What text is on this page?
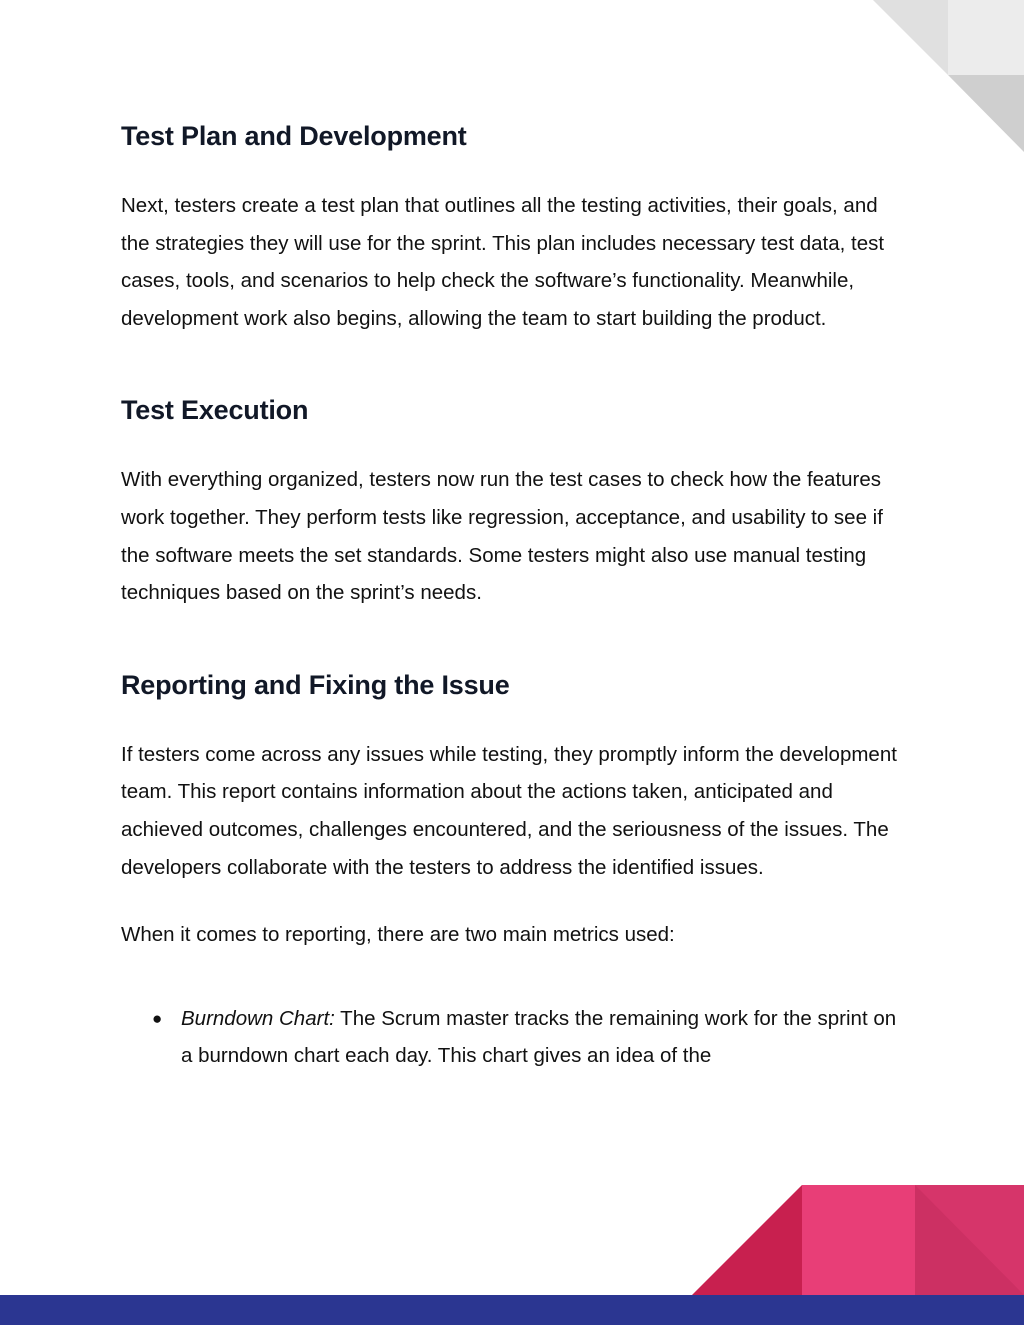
Test Plan and Development

Next, testers create a test plan that outlines all the testing activities, their goals, and the strategies they will use for the sprint. This plan includes necessary test data, test cases, tools, and scenarios to help check the software’s functionality. Meanwhile, development work also begins, allowing the team to start building the product.

Test Execution

With everything organized, testers now run the test cases to check how the features work together. They perform tests like regression, acceptance, and usability to see if the software meets the set standards. Some testers might also use manual testing techniques based on the sprint’s needs.

Reporting and Fixing the Issue

If testers come across any issues while testing, they promptly inform the development team. This report contains information about the actions taken, anticipated and achieved outcomes, challenges encountered, and the seriousness of the issues. The developers collaborate with the testers to address the identified issues.

When it comes to reporting, there are two main metrics used:

● Burndown Chart: The Scrum master tracks the remaining work for the sprint on a burndown chart each day. This chart gives an idea of the
